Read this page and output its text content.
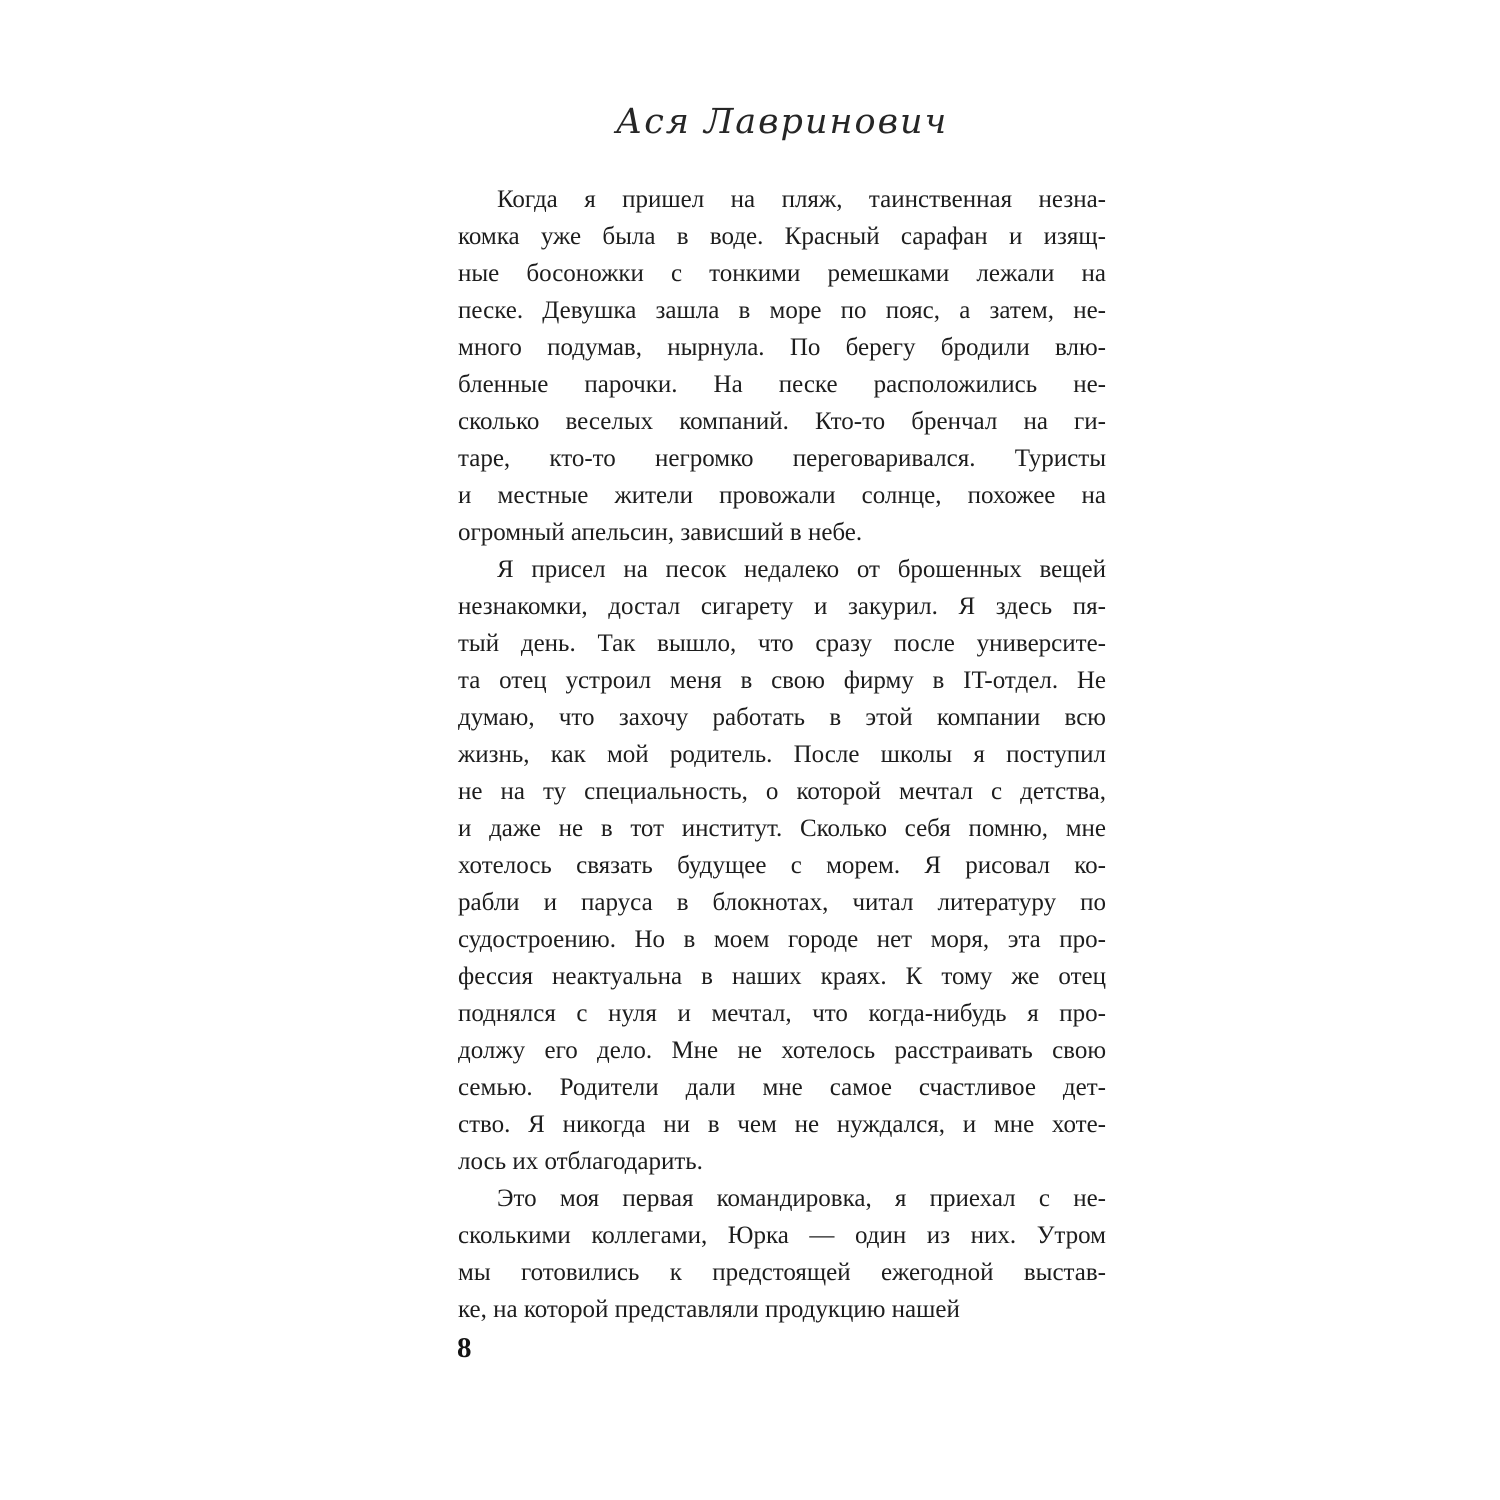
Ася Лавринович
Когда я пришел на пляж, таинственная незна-
комка уже была в воде. Красный сарафан и изящ-
ные босоножки с тонкими ремешками лежали на
песке. Девушка зашла в море по пояс, а затем, не-
много подумав, нырнула. По берегу бродили влю-
бленные парочки. На песке расположились не-
сколько веселых компаний. Кто-то бренчал на ги-
таре, кто-то негромко переговаривался. Туристы
и местные жители провожали солнце, похожее на
огромный апельсин, зависший в небе.
Я присел на песок недалеко от брошенных вещей
незнакомки, достал сигарету и закурил. Я здесь пя-
тый день. Так вышло, что сразу после университе-
та отец устроил меня в свою фирму в IT-отдел. Не
думаю, что захочу работать в этой компании всю
жизнь, как мой родитель. После школы я поступил
не на ту специальность, о которой мечтал с детства,
и даже не в тот институт. Сколько себя помню, мне
хотелось связать будущее с морем. Я рисовал ко-
рабли и паруса в блокнотах, читал литературу по
судостроению. Но в моем городе нет моря, эта про-
фессия неактуальна в наших краях. К тому же отец
поднялся с нуля и мечтал, что когда-нибудь я про-
должу его дело. Мне не хотелось расстраивать свою
семью. Родители дали мне самое счастливое дет-
ство. Я никогда ни в чем не нуждался, и мне хоте-
лось их отблагодарить.
Это моя первая командировка, я приехал с не-
сколькими коллегами, Юрка — один из них. Утром
мы готовились к предстоящей ежегодной выстав-
ке, на которой представляли продукцию нашей
8
